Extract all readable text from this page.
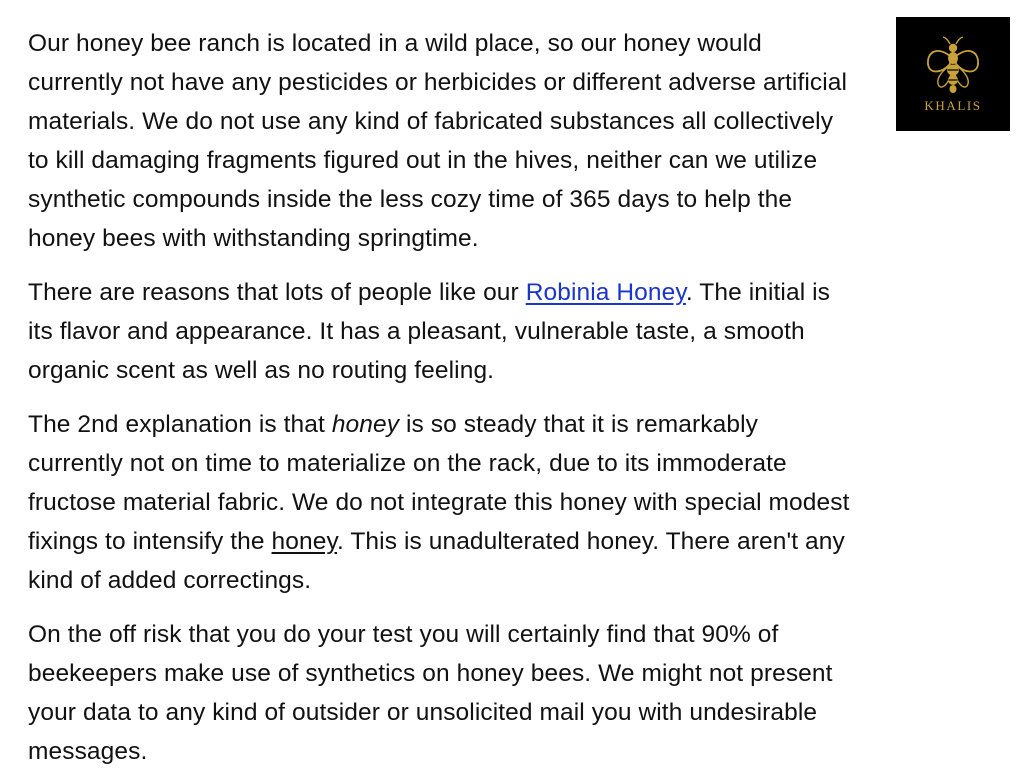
Our honey bee ranch is located in a wild place, so our honey would currently not have any pesticides or herbicides or different adverse artificial materials. We do not use any kind of fabricated substances all collectively to kill damaging fragments figured out in the hives, neither can we utilize synthetic compounds inside the less cozy time of 365 days to help the honey bees with withstanding springtime.

There are reasons that lots of people like our Robinia Honey. The initial is its flavor and appearance. It has a pleasant, vulnerable taste, a smooth organic scent as well as no routing feeling.

The 2nd explanation is that honey is so steady that it is remarkably currently not on time to materialize on the rack, due to its immoderate fructose material fabric. We do not integrate this honey with special modest fixings to intensify the honey. This is unadulterated honey. There aren't any kind of added correctings.

On the off risk that you do your test you will certainly find that 90% of beekeepers make use of synthetics on honey bees. We might not present your data to any kind of outsider or unsolicited mail you with undesirable messages.

KHALIS
